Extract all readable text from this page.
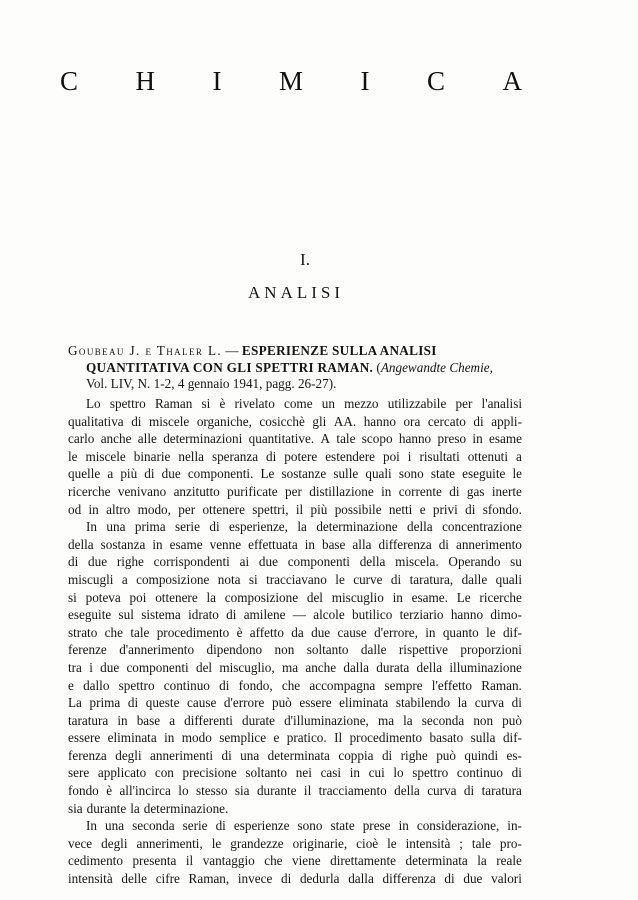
C H I M I C A
I.
ANALISI
Goubeau J. e Thaler L. — ESPERIENZE SULLA ANALISI
QUANTITATIVA CON GLI SPETTRI RAMAN. (Angewandte Chemie,
Vol. LIV, N. 1-2, 4 gennaio 1941, pagg. 26-27).
Lo spettro Raman si è rivelato come un mezzo utilizzabile per l'analisi
qualitativa di miscele organiche, cosicchè gli AA. hanno ora cercato di appli-
carlo anche alle determinazioni quantitative. A tale scopo hanno preso in esame
le miscele binarie nella speranza di potere estendere poi i risultati ottenuti a
quelle a più di due componenti. Le sostanze sulle quali sono state eseguite le
ricerche venivano anzitutto purificate per distillazione in corrente di gas inerte
od in altro modo, per ottenere spettri, il più possibile netti e privi di sfondo.
In una prima serie di esperienze, la determinazione della concentrazione
della sostanza in esame venne effettuata in base alla differenza di annerimento
di due righe corrispondenti ai due componenti della miscela. Operando su
miscugli a composizione nota si tracciavano le curve di taratura, dalle quali
si poteva poi ottenere la composizione del miscuglio in esame. Le ricerche
eseguite sul sistema idrato di amilene — alcole butilico terziario hanno dimo-
strato che tale procedimento è affetto da due cause d'errore, in quanto le dif-
ferenze d'annerimento dipendono non soltanto dalle rispettive proporzioni
tra i due componenti del miscuglio, ma anche dalla durata della illuminazione
e dallo spettro continuo di fondo, che accompagna sempre l'effetto Raman.
La prima di queste cause d'errore può essere eliminata stabilendo la curva di
taratura in base a differenti durate d'illuminazione, ma la seconda non può
essere eliminata in modo semplice e pratico. Il procedimento basato sulla dif-
ferenza degli annerimenti di una determinata coppia di righe può quindi es-
sere applicato con precisione soltanto nei casi in cui lo spettro continuo di
fondo è all'incirca lo stesso sia durante il tracciamento della curva di taratura
sia durante la determinazione.
In una seconda serie di esperienze sono state prese in considerazione, in-
vece degli annerimenti, le grandezze originarie, cioè le intensità ; tale pro-
cedimento presenta il vantaggio che viene direttamente determinata la reale
intensità delle cifre Raman, invece di dedurla dalla differenza di due valori
